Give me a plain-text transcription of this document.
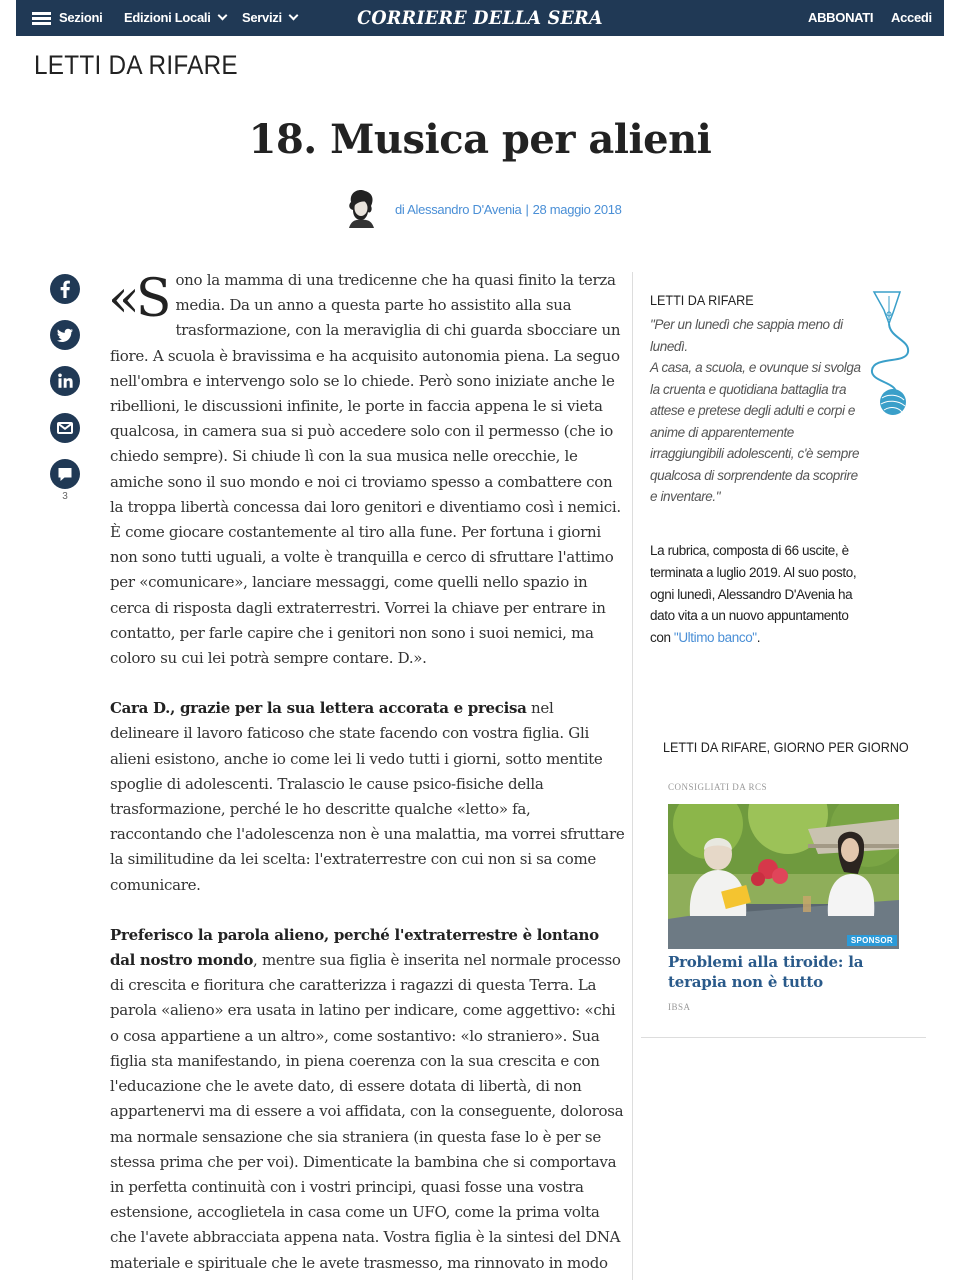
Sezioni Edizioni Locali	Servizi	CORRIERE DELLA SERA	ABBONATI Accedi
LETTI DA RIFARE
18. Musica per alieni
di Alessandro D'Avenia | 28 maggio 2018
3

«Sono la mamma di una tredicenne che ha quasi finito la terza media. Da un anno a questa parte ho assistito alla sua trasformazione, con la meraviglia di chi guarda sbocciare un fiore. A scuola è bravissima e ha acquisito autonomia piena. La seguo nell'ombra e intervengo solo se lo chiede. Però sono iniziate anche le ribellioni, le discussioni infinite, le porte in faccia appena le si vieta qualcosa, in camera sua si può accedere solo con il permesso (che io chiedo sempre). Si chiude lì con la sua musica nelle orecchie, le amiche sono il suo mondo e noi ci troviamo spesso a combattere con la troppa libertà concessa dai loro genitori e diventiamo così i nemici. È come giocare costantemente al tiro alla fune. Per fortuna i giorni non sono tutti uguali, a volte è tranquilla e cerco di sfruttare l'attimo per «comunicare», lanciare messaggi, come quelli nello spazio in cerca di risposta dagli extraterrestri. Vorrei la chiave per entrare in contatto, per farle capire che i genitori non sono i suoi nemici, ma coloro su cui lei potrà sempre contare. D.».

Cara D., grazie per la sua lettera accorata e precisa nel delineare il lavoro faticoso che state facendo con vostra figlia. Gli alieni esistono, anche io come lei li vedo tutti i giorni, sotto mentite spoglie di adolescenti. Tralascio le cause psico-fisiche della trasformazione, perché le ho descritte qualche «letto» fa, raccontando che l'adolescenza non è una malattia, ma vorrei sfruttare la similitudine da lei scelta: l'extraterrestre con cui non si sa come comunicare.

Preferisco la parola alieno, perché l'extraterrestre è lontano dal nostro mondo, mentre sua figlia è inserita nel normale processo di crescita e fioritura che caratterizza i ragazzi di questa Terra. La parola «alieno» era usata in latino per indicare, come aggettivo: «chi o cosa appartiene a un altro», come sostantivo: «lo straniero». Sua figlia sta manifestando, in piena coerenza con la sua crescita e con l'educazione che le avete dato, di essere dotata di libertà, di non appartenervi ma di essere a voi affidata, con la conseguente, dolorosa ma normale sensazione che sia straniera (in questa fase lo è per se stessa prima che per voi). Dimenticate la bambina che si comportava in perfetta continuità con i vostri principi, quasi fosse una vostra estensione, accoglietela in casa come un UFO, come la prima volta che l'avete abbracciata appena nata. Vostra figlia è la sintesi del DNA materiale e spirituale che le avete trasmesso, ma rinnovato in modo

LETTI DA RIFARE

"Per un lunedì che sappia meno di lunedì.

A casa, a scuola, e ovunque si svolga la cruenta e quotidiana battaglia tra attese e pretese degli adulti e corpi e anime di apparentemente irraggiungibili adolescenti, c'è sempre qualcosa di sorprendente da scoprire e inventare."

La rubrica, composta di 66 uscite, è terminata a luglio 2019. Al suo posto, ogni lunedì, Alessandro D'Avenia ha dato vita a un nuovo appuntamento con "Ultimo banco".
LETTI DA RIFARE, GIORNO PER GIORNO
CONSIGLIATI DA RCS
SPONSOR
Problemi alla tiroide: la terapia non è tutto
IBSA
